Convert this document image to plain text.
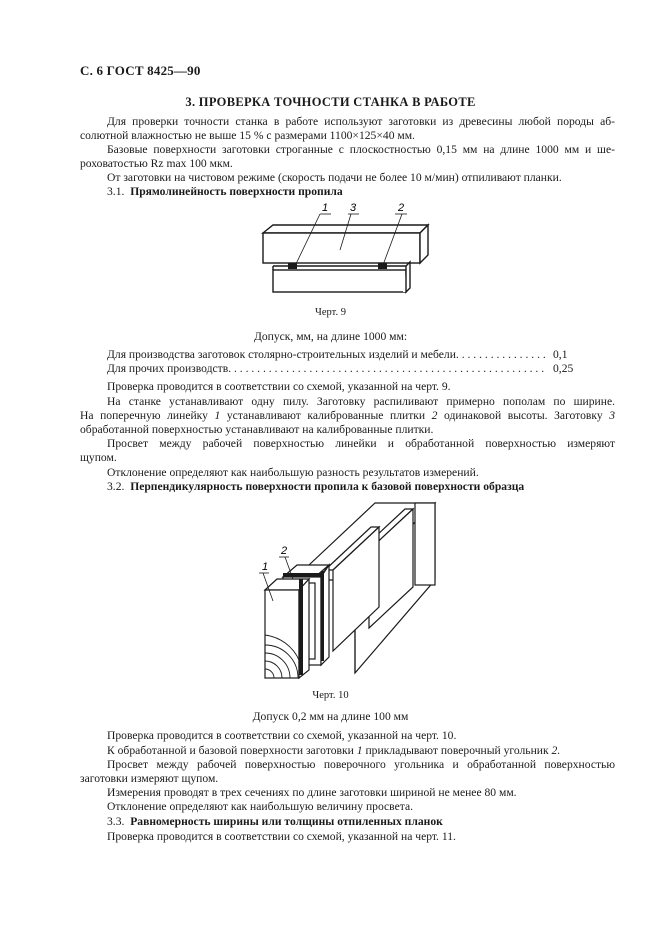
С. 6 ГОСТ 8425—90
3. ПРОВЕРКА ТОЧНОСТИ СТАНКА В РАБОТЕ
Для проверки точности станка в работе используют заготовки из древесины любой породы аб-
солютной влажностью не выше 15 % с размерами 1100×125×40 мм.
Базовые поверхности заготовки строганные с плоскостностью 0,15 мм на длине 1000 мм и ше-
роховатостью Rz max 100 мкм.
От заготовки на чистовом режиме (скорость подачи не более 10 м/мин) отпиливают планки.
3.1. Прямолинейность поверхности пропила
1 3	2
Черт. 9
Допуск, мм, на длине 1000 мм:
Для производства заготовок столярно-строительных изделий и мебели . . .	0,1
Для прочих производств . . .	0,25
Проверка проводится в соответствии со схемой, указанной на черт. 9.
На станке устанавливают одну пилу. Заготовку распиливают примерно пополам по ширине.
На поперечную линейку 1 устанавливают калиброванные плитки 2 одинаковой высоты. Заготовку 3
обработанной поверхностью устанавливают на калиброванные плитки.
Просвет между рабочей поверхностью линейки и обработанной поверхностью измеряют
щупом.
Отклонение определяют как наибольшую разность результатов измерений.
3.2. Перпендикулярность поверхности пропила к базовой поверхности образца
1
2
Черт. 10
Допуск 0,2 мм на длине 100 мм
Проверка проводится в соответствии со схемой, указанной на черт. 10.
К обработанной и базовой поверхности заготовки 1 прикладывают поверочный угольник 2.
Просвет между рабочей поверхностью поверочного угольника и обработанной поверхностью
заготовки измеряют щупом.
Измерения проводят в трех сечениях по длине заготовки шириной не менее 80 мм.
Отклонение определяют как наибольшую величину просвета.
3.3. Равномерность ширины или толщины отпиленных планок
Проверка проводится в соответствии со схемой, указанной на черт. 11.
